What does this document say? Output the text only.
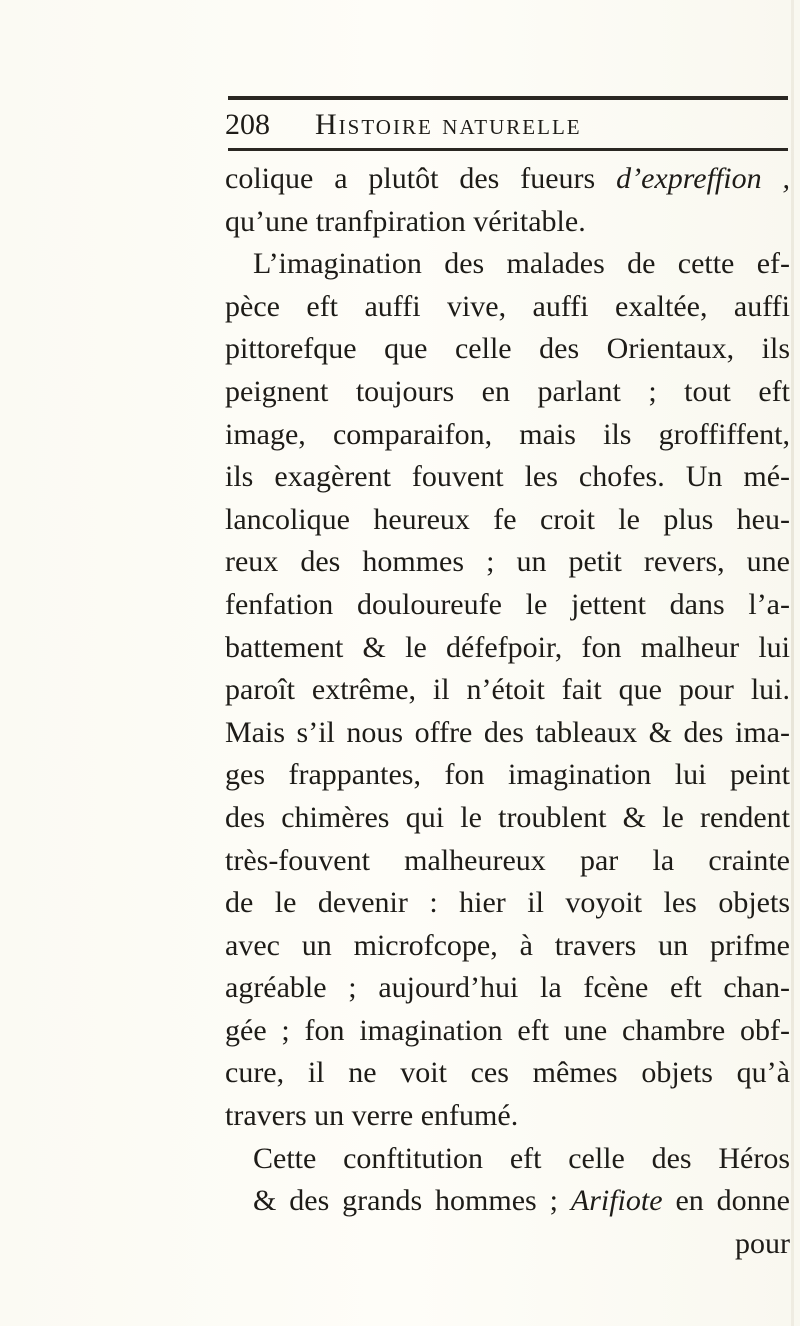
208 Histoire naturelle
colique a plutôt des fueurs d’expreffion ,
qu’une tranfpiration véritable.
L’imagination des malades de cette ef-
pèce eft auffi vive, auffi exaltée, auffi
pittorefque que celle des Orientaux, ils
peignent toujours en parlant ; tout eft
image, comparaifon, mais ils groffiffent,
ils exagèrent fouvent les chofes. Un mé-
lancolique heureux fe croit le plus heu-
reux des hommes ; un petit revers, une
fenfation douloureufe le jettent dans l’a-
battement & le défefpoir, fon malheur lui
paroît extrême, il n’étoit fait que pour lui.
Mais s’il nous offre des tableaux & des ima-
ges frappantes, fon imagination lui peint
des chimères qui le troublent & le rendent
très-fouvent malheureux par la crainte
de le devenir : hier il voyoit les objets
avec un microfcope, à travers un prifme
agréable ; aujourd’hui la fcène eft chan-
gée ; fon imagination eft une chambre obf-
cure, il ne voit ces mêmes objets qu’à
travers un verre enfumé.
Cette conftitution eft celle des Héros
& des grands hommes ; Arifiote en donne
pour
